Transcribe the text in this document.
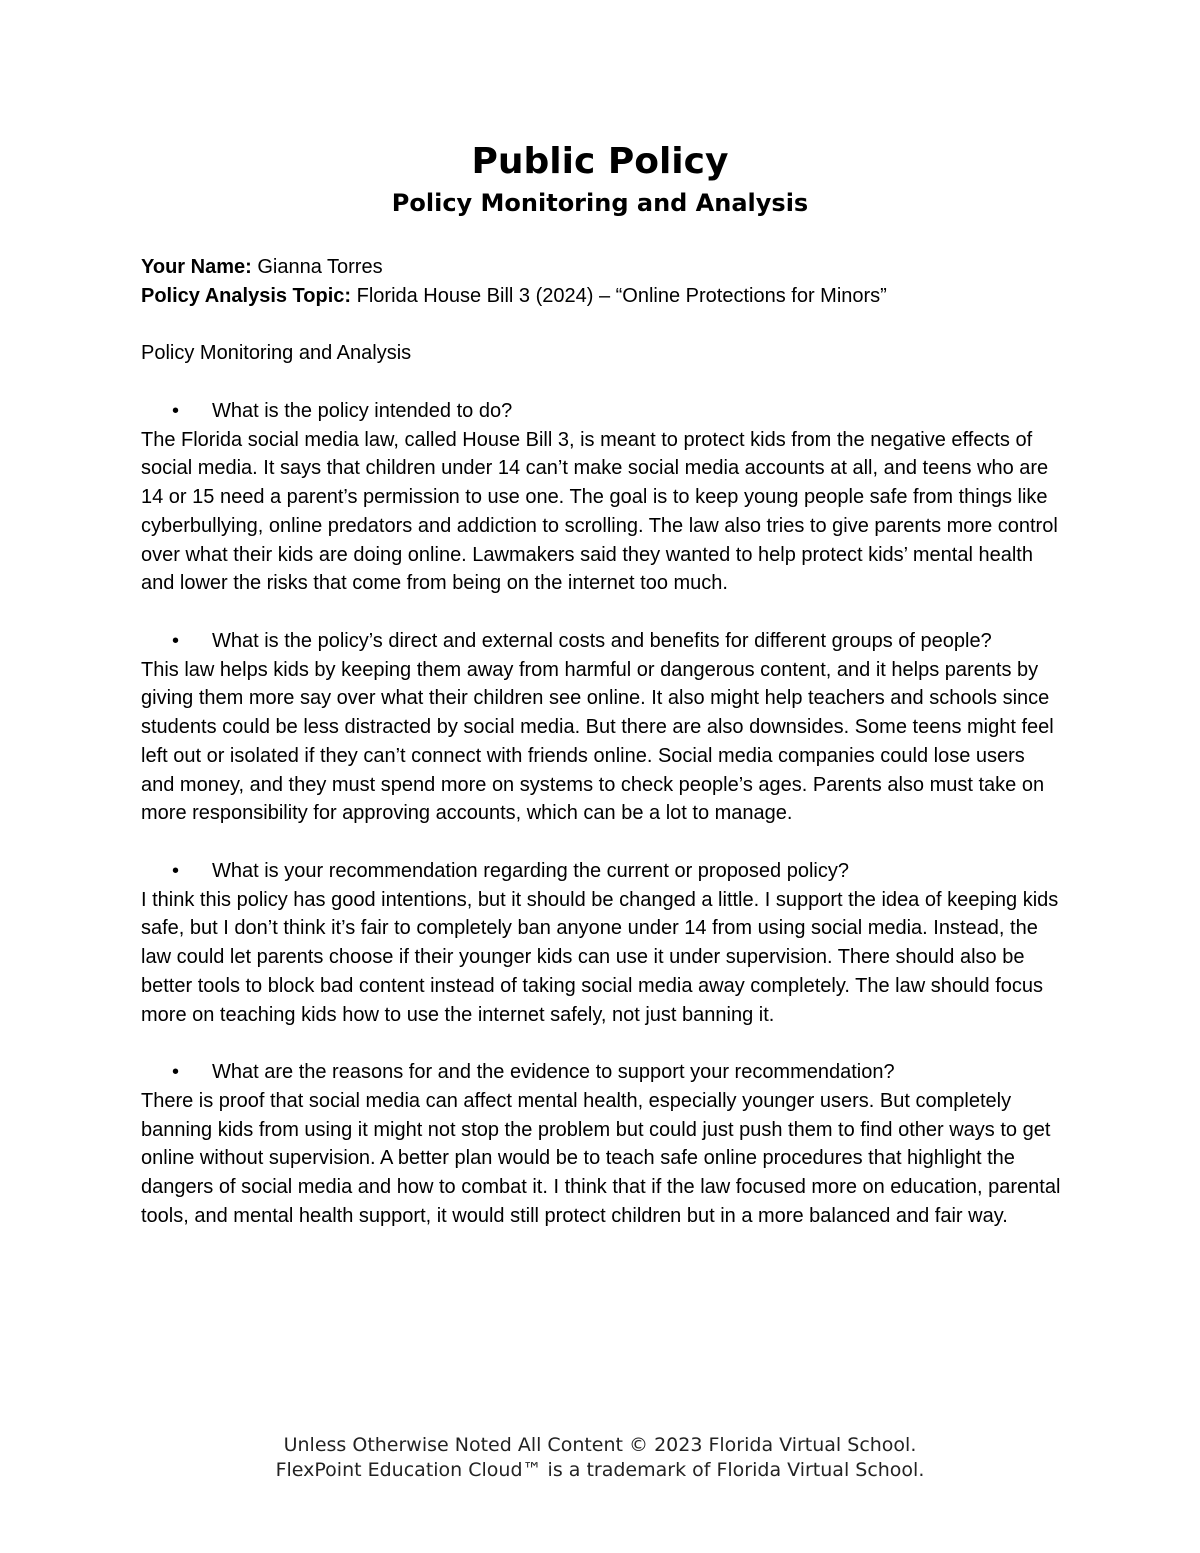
Public Policy
Policy Monitoring and Analysis
Your Name: Gianna Torres
Policy Analysis Topic: Florida House Bill 3 (2024) – “Online Protections for Minors”
Policy Monitoring and Analysis
• What is the policy intended to do?
The Florida social media law, called House Bill 3, is meant to protect kids from the negative effects of social media. It says that children under 14 can’t make social media accounts at all, and teens who are 14 or 15 need a parent’s permission to use one. The goal is to keep young people safe from things like cyberbullying, online predators and addiction to scrolling. The law also tries to give parents more control over what their kids are doing online. Lawmakers said they wanted to help protect kids’ mental health and lower the risks that come from being on the internet too much.
• What is the policy’s direct and external costs and benefits for different groups of people?
This law helps kids by keeping them away from harmful or dangerous content, and it helps parents by giving them more say over what their children see online. It also might help teachers and schools since students could be less distracted by social media. But there are also downsides. Some teens might feel left out or isolated if they can’t connect with friends online. Social media companies could lose users and money, and they must spend more on systems to check people’s ages. Parents also must take on more responsibility for approving accounts, which can be a lot to manage.
• What is your recommendation regarding the current or proposed policy?
I think this policy has good intentions, but it should be changed a little. I support the idea of keeping kids safe, but I don’t think it’s fair to completely ban anyone under 14 from using social media. Instead, the law could let parents choose if their younger kids can use it under supervision. There should also be better tools to block bad content instead of taking social media away completely. The law should focus more on teaching kids how to use the internet safely, not just banning it.
• What are the reasons for and the evidence to support your recommendation?
There is proof that social media can affect mental health, especially younger users. But completely banning kids from using it might not stop the problem but could just push them to find other ways to get online without supervision. A better plan would be to teach safe online procedures that highlight the dangers of social media and how to combat it. I think that if the law focused more on education, parental tools, and mental health support, it would still protect children but in a more balanced and fair way.
Unless Otherwise Noted All Content © 2023 Florida Virtual School.
FlexPoint Education Cloud™ is a trademark of Florida Virtual School.
